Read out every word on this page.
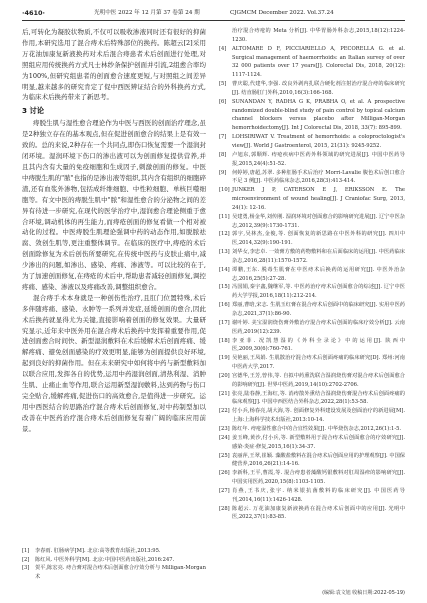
·4610·	光明中医 2022 年 12 月第 37 卷第 24 期	CJGMCM December 2022. Vol.37.24

后,可转化为凝胶状物质,不仅可以吸收渗液同时还有很好的抑菌作用,本研究选用了混合痔术后特殊部位的换药。陈超云[2]采用万花油加康复新液换药对术后混合痔患者术后创面进行处理,对照组应用传统换药方式凡士林纱条保护创面并引流,2组愈合率均为100%,但研究组患者的创面愈合速度更短,与对照组之间差异明显,越来越多的研究肯定了促中西医辨证结合的外科换药方式,为临床术后换药带来了新思考。

3 讨论

痔脱生肌与湿性愈合理论作为中医与西医的创面治疗理念,虽是2种独立存在的基本观点,但在促进创面愈合的结果上是有效一致的。总的来说,2种存在一个共同点,即伤口恢复需要一个湿润封闭环境。湿润环境下伤口的渗出液可以为创面修复提供营养,并且其内含有大量的免疫细胞和生成因子,刺激创面的修复。中医中痔脱生肌的"脓"也指的是渗出液等组织,其内含有组织的细胞碎渣,还有血浆外渗物,包括成纤维细胞、中性粒细胞、单核巨噬细胞等。有文中医的痔脱生肌中"脓"和湿性愈合的分泌物之间的差异有待进一步研究,在现代的医学治疗中,湿润愈合理论侧重于愈合环境,调动机体的再生能力,而痔疮创面的修复看做一个相对被动化的过程。中医痔脱生肌理论强调中药的动态作用,如脱脓祛腐、敛创生肌等,更注重整体调节。在临床的医疗中,痔疮的术后创面除修复为术后创伤所要研究,在传统中医药与皮肤止痛中,减少渗出的问题,如渗出、感染、疼痛、渗液等。可以比较的在于,为了加速创面修复,在痔疮的术后中,帮助患者减轻创面修复,调控疼痛、感染、渗液以及疼痛改善,调整组织愈合。

混合痔手术本身就是一种创伤性治疗,且肛门位置特殊,术后多伴随疼痛、感染、水肿等一系列并发症,延缓创面的愈合,因此术后换药就显得尤为关键,直接影响着创面的修复效果。大量研究显示,近年来中医外用在混合痔术后换药中发挥着重要作用,促进创面愈合时间快、新型湿润敷料在术后缓解术后创面疼痛、缓解疼痛、避免创面感染的疗效更明显,能够为创面提供良好环境,起到良好的抑菌作用。但在未来研究中如何将中药与新型敷料加以联合应用,发挥各自的优势,运用中药湿润创面,清热利湿、消肿生肌、止痛止血等作用,联合运用新型湿润敷料,达到药物与伤口完全贴合,缓解疼痛,促进伤口的高效愈合,是值得进一步研究。运用中西医结合的思路治疗混合痔术后创面修复,对中药制型加以改善在中医药治疗混合痔术后创面修复有着广阔的临床应用前景。

[1]	李春雨. 肛肠病学[M]. 北京:高等教育出版社,2013:95.
[2]	陈红风. 中医外科学[M]. 北京:中国中医药出版社,2016:247.
[3]	贺平,陈宏亮. 痔合膏对混合痔术后创面愈合疗效分析与 Milligan-Morgan 术
治疗混合痔疮的 Meta 分析[J]. 中华胃肠外科杂志,2015,18(12):1224-1230.
[4]	ALTOMARE D F, PICCIARIELLO A, PECORELLA G. et al. Surgical management of haemorrhoids: an Italian survey of over 32 000 patients over 17 years[J]. Colorectal Dis, 2018, 20(12): 1117-1124.
[5]	曹庆聪,代建华,李强. 改良外剥内扎联合硬化剂注射治疗混合痔的临床研究[J]. 结直肠肛门外科,2010,16(3):166-168.
[6]	SUNANDAN Y, RADHA G K, PRABHA O, et al. A prospective randomized double-blind study of pain control by topical calcium channel blockers versus placebo after Milligan-Morgan hemorrhoidectomy[J]. Int J Colorectal Dis, 2018, 33(7): 895-899.
[7]	LOHSIRIWAT V. Treatment of hemorrhoids: a coloproctologist's view[J]. World J Gastroenterol, 2015, 21(31): 9245-9252.
[8]	卢旭东,郭顺辉. 痔疮疾病中医药外科领域的研究进展[J]. 中国中医药导报,2015,24(4):51-52.
[9]	何婷婷,唐超,苏翠. 多种肛肠手术后治疗 Morri-Lavalie 腹色术后创口愈合不足 3 例[J]. 中医药临床杂志,2016,28(3):413-414.
[10] JUNKER J P, CATERSON E J, ERIKSSON E. The microenvironment of wound healing[J]. J Craniofac Surg, 2013, 24(1): 12-16.
[11] 吴建勇,杨金华,刘传刚. 湿润环境对创面愈合的影响研究进展[J]. 辽宁中医杂志,2012,39(9):1730-1731.
[12] 郭宇,吴林杰,金俊,等. 创面恢复的新思路在中医外科的研究[J]. 四川中医,2014,32(9):190-191.
[13] 刘华女,李忠卓. 一效膏方敷的药物敷料和在后面临床的运用[J]. 中医药临床杂志,2016,28(11):1570-1572.
[14] 谭鹏,王东. 脱毒生肌膏在中医痔术后换药的运用研究[J]. 中医外治杂志,2016,25(5):27-28.
[15] 冯国娟,秦宇鑫,魏继军,等. 中医药治疗痔术后创面愈合的综述[J]. 辽宁中医药大学学报,2016,18(11):212-214.
[16] 郑丽,曹晗,宋志. 生肌玉红膏在混合痔术后创面中的临床研究[J]. 实用中医药杂志,2021,37(1):86-90.
[17] 谢叶婷. 美宝湿润烧伤膏外敷治疗混合痔术后创面的临床疗效分析[J]. 云南医药,2019(12):239.
[18] 李亚菲. 况凯慧湿的《外科全录论》中的运用[J]. 陕西中医,2009,30(6):760-761.
[19] 吴艳丽,王凤娟. 生肌散治疗混合痔术后创面疼痛的临床研究[D]. 郑州:河南中医药大学,2017.
[20] 宫德华,王芳,曾伟,等. 自拟中药熏洗联合湿润烧伤膏对混合痔术后创面愈合的影响研究[J]. 世界中医药,2019,14(10):2702-2706.
[21] 张亮,陆春静,王海红,等. 消痔散外熏结合湿润烧伤膏混合痔术后创面疼痛的临床观察[J]. 中国中西医结合外科杂志,2022,28(1):53-58.
[22] 付小兵,杨春亮,胡大海,等. 创面修复外科建设发展及创面治疗的新进展[M]. 上海:上海科学技术出版社,2013:10-14.
[23] 陈红年. 痔疮湿性愈合中的合宜性效果[J]. 中华烧伤杂志,2012,26(1):1-5.
[24] 姜玉峰,黄沙,付小兵,等. 新型敷料用于混合痔术后创面愈合的疗效研究[J]. 感染·炎症·修复,2015,16(1):34-37.
[25] 袁丽萍,王翠,崔颖. 藻酸盐敷料在混合痔术后创面应用的护理观察[J]. 中国保健营养,2016,26(21):14-16.
[26] 李新科,王平,曹霞,等. 混合痔患者藻酸钙银敷料对肛周湿疹的影响研究[J]. 中国实用医药,2020,15(8):1103-1105.
[27] 肖燕,王书庆,张宇. 纳米银抗菌敷料的临床研究[J]. 中国医药导刊,2014,16(11):1426-1428.
[28] 陈超云. 万花油加康复新液换药在混合痔术后创面中的应用[J]. 光明中医,2022,37(1):83-85.
(编辑:袁文旭 收稿日期:2022-05-19)
